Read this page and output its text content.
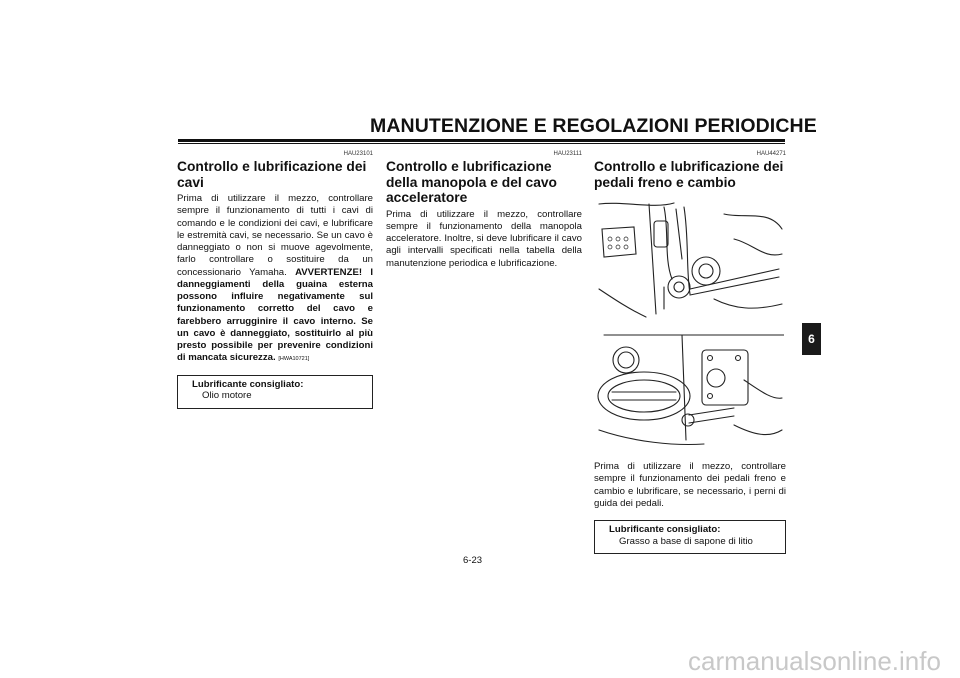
MANUTENZIONE E REGOLAZIONI PERIODICHE
HAU23101
Controllo e lubrificazione dei cavi

Prima di utilizzare il mezzo, controllare sempre il funzionamento di tutti i cavi di comando e le condizioni dei cavi, e lubrificare le estremità cavi, se necessario. Se un cavo è danneggiato o non si muove agevolmente, farlo controllare o sostituire da un concessionario Yamaha. AVVERTENZE! I danneggiamenti della guaina esterna possono influire negativamente sul funzionamento corretto del cavo e farebbero arrugginire il cavo interno. Se un cavo è danneggiato, sostituirlo al più presto possibile per prevenire condizioni di mancata sicurezza. [HWA10721]

Lubrificante consigliato:
Olio motore
HAU23111
Controllo e lubrificazione della manopola e del cavo acceleratore

Prima di utilizzare il mezzo, controllare sempre il funzionamento della manopola acceleratore. Inoltre, si deve lubrificare il cavo agli intervalli specificati nella tabella della manutenzione periodica e lubrificazione.

HAU44271
Controllo e lubrificazione dei pedali freno e cambio

Prima di utilizzare il mezzo, controllare sempre il funzionamento dei pedali freno e cambio e lubrificare, se necessario, i perni di guida dei pedali.

Lubrificante consigliato:
Grasso a base di sapone di litio
6
6-23
carmanualsonline.info
